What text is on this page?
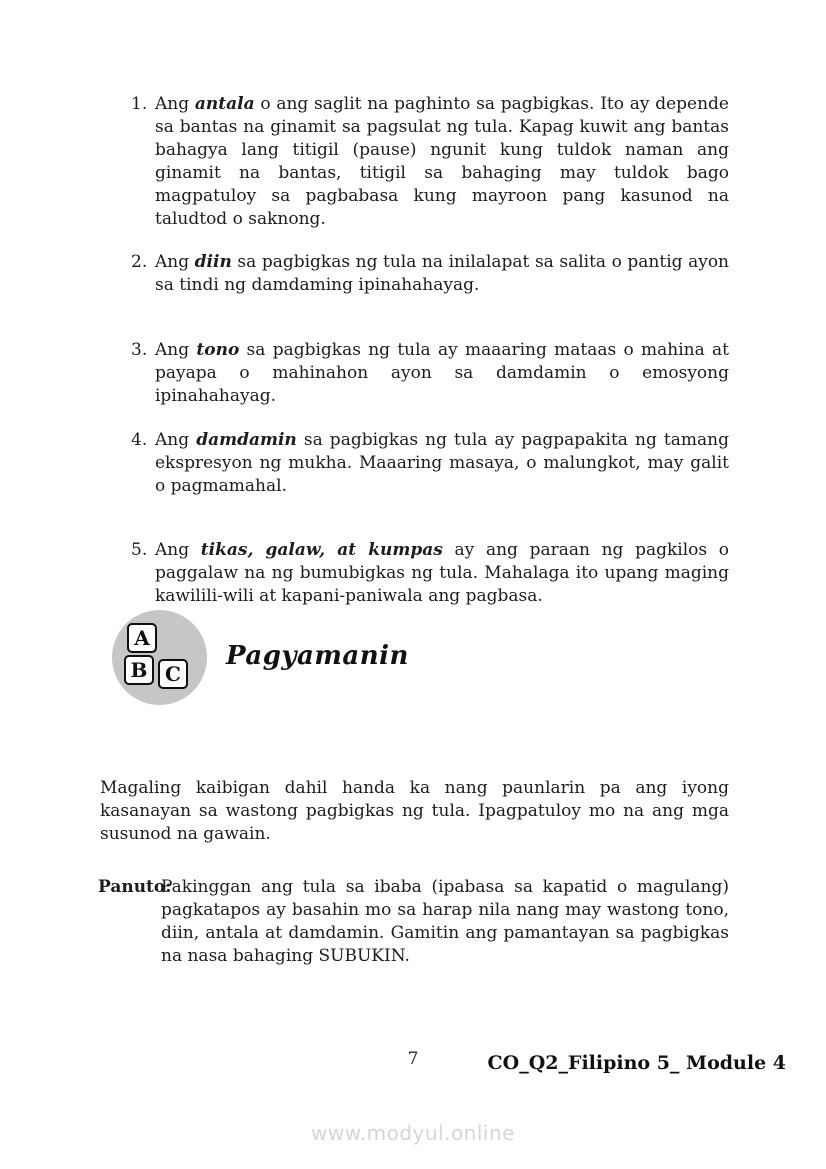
1. Ang antala o ang saglit na paghinto sa pagbigkas. Ito ay depende sa bantas na ginamit sa pagsulat ng tula. Kapag kuwit ang bantas bahagya lang titigil (pause) ngunit kung tuldok naman ang ginamit na bantas, titigil sa bahaging may tuldok bago magpatuloy sa pagbabasa kung mayroon pang kasunod na taludtod o saknong.
2. Ang diin sa pagbigkas ng tula na inilalapat sa salita o pantig ayon sa tindi ng damdaming ipinahahayag.
3. Ang tono sa pagbigkas ng tula ay maaaring mataas o mahina at payapa o mahinahon ayon sa damdamin o emosyong ipinahahayag.
4. Ang damdamin sa pagbigkas ng tula ay pagpapakita ng tamang ekspresyon ng mukha. Maaaring masaya, o malungkot, may galit o pagmamahal.
5. Ang tikas, galaw, at kumpas ay ang paraan ng pagkilos o paggalaw na ng bumubigkas ng tula. Mahalaga ito upang maging kawilili-wili at kapani-paniwala ang pagbasa.
A
B C
Pagyamanin

Magaling kaibigan dahil handa ka nang paunlarin pa ang iyong kasanayan sa wastong pagbigkas ng tula. Ipagpatuloy mo na ang mga susunod na gawain.

Panuto:
Pakinggan ang tula sa ibaba (ipabasa sa kapatid o magulang) pagkatapos ay basahin mo sa harap nila nang may wastong tono, diin, antala at damdamin. Gamitin ang pamantayan sa pagbigkas na nasa bahaging SUBUKIN.
7	CO_Q2_Filipino 5_ Module 4
www.modyul.online
